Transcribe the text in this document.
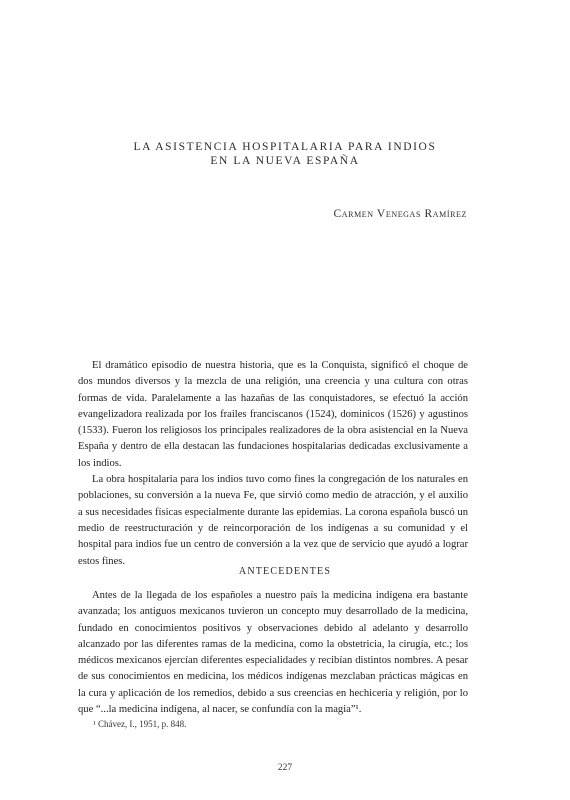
LA ASISTENCIA HOSPITALARIA PARA INDIOS
EN LA NUEVA ESPAÑA
Carmen Venegas Ramírez

El dramático episodio de nuestra historia, que es la Conquista, significó el choque de dos mundos diversos y la mezcla de una religión, una creencia y una cultura con otras formas de vida. Paralelamente a las hazañas de las conquistadores, se efectuó la acción evangelizadora realizada por los frailes franciscanos (1524), dominicos (1526) y agustinos (1533). Fueron los religiosos los principales realizadores de la obra asistencial en la Nueva España y dentro de ella destacan las fundaciones hospitalarias dedicadas exclusivamente a los indios.

La obra hospitalaria para los indios tuvo como fines la congregación de los naturales en poblaciones, su conversión a la nueva Fe, que sirvió como medio de atracción, y el auxilio a sus necesidades físicas especialmente durante las epidemias. La corona española buscó un medio de reestructuración y de reincorporación de los indígenas a su comunidad y el hospital para indios fue un centro de conversión a la vez que de servicio que ayudó a lograr estos fines.

ANTECEDENTES

Antes de la llegada de los españoles a nuestro país la medicina indígena era bastante avanzada; los antiguos mexicanos tuvieron un concepto muy desarrollado de la medicina, fundado en conocimientos positivos y observaciones debido al adelanto y desarrollo alcanzado por las diferentes ramas de la medicina, como la obstetricia, la cirugía, etc.; los médicos mexicanos ejercían diferentes especialidades y recibían distintos nombres. A pesar de sus conocimientos en medicina, los médicos indígenas mezclaban prácticas mágicas en la cura y aplicación de los remedios, debido a sus creencias en hechicería y religión, por lo que “...la medicina indígena, al nacer, se confundía con la magia”¹.

¹ Chávez, I., 1951, p. 848.
227
